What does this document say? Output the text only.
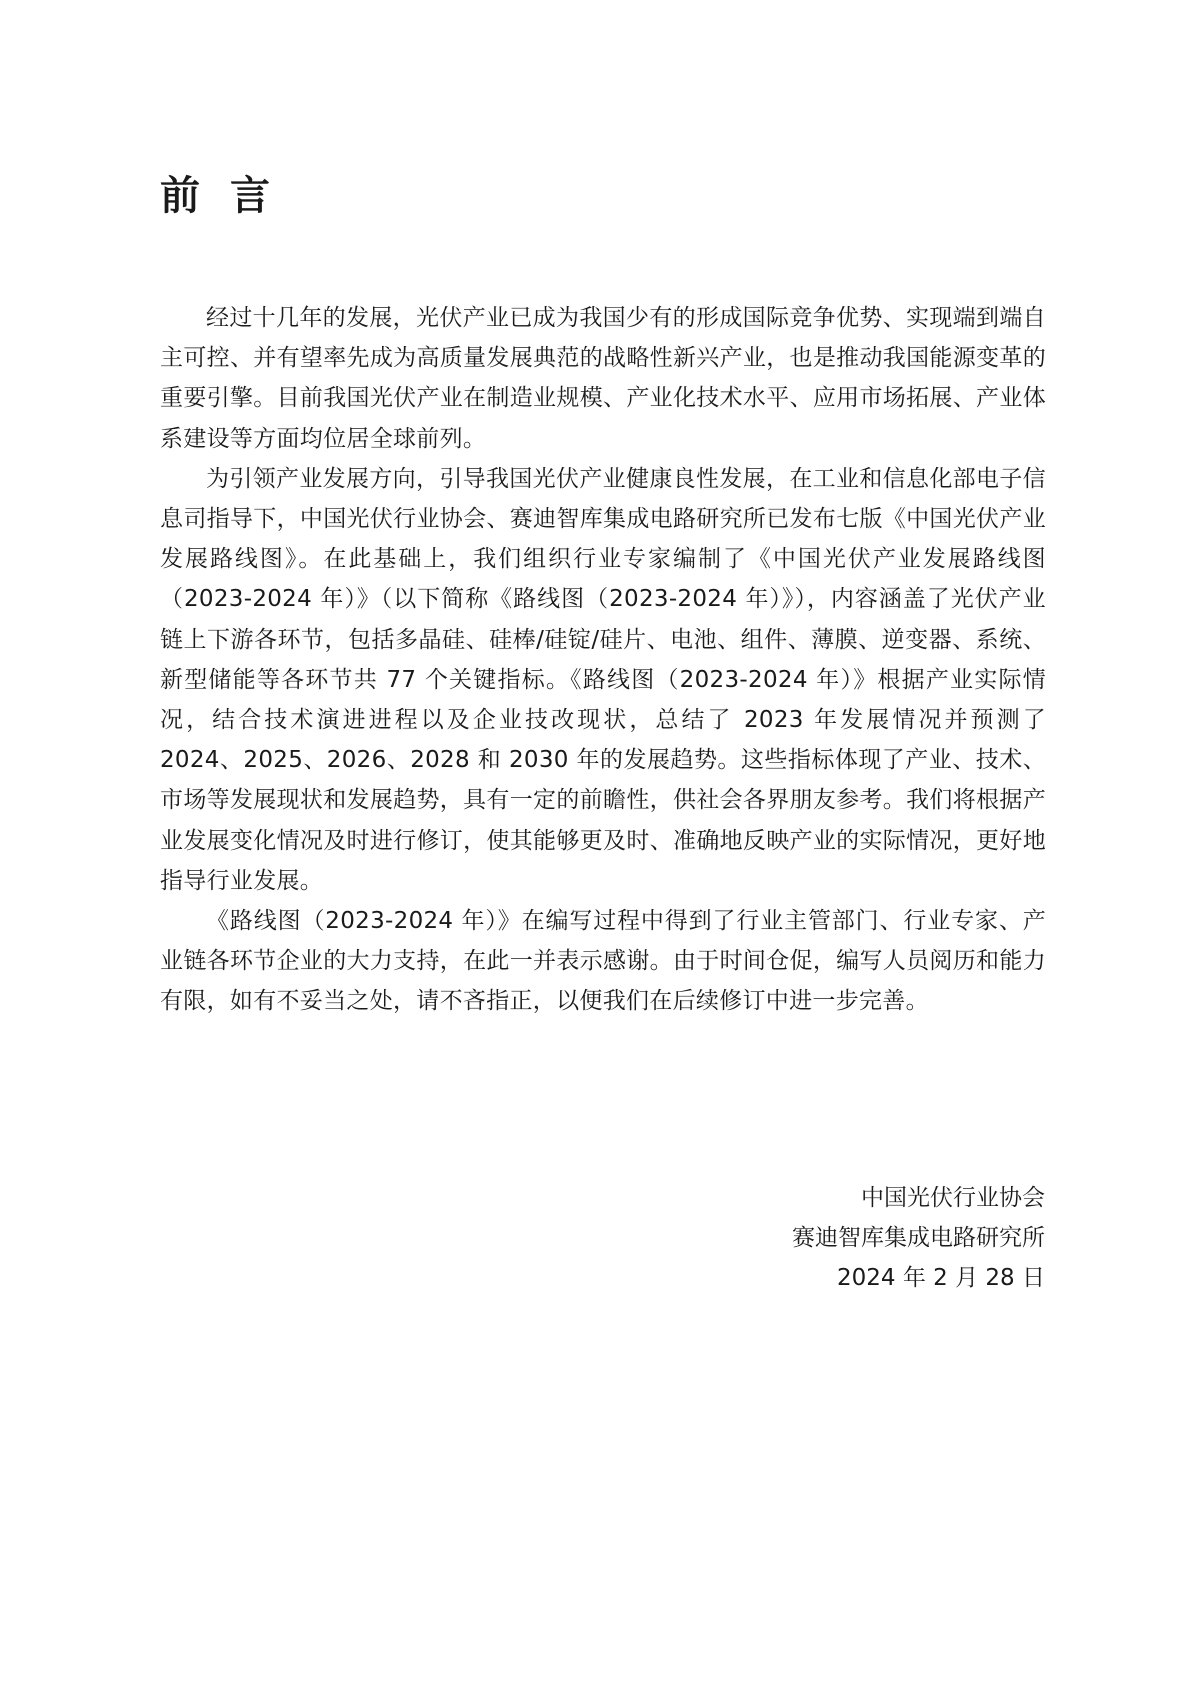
前言

经过十几年的发展，光伏产业已成为我国少有的形成国际竞争优势、实现端到端自主可控、并有望率先成为高质量发展典范的战略性新兴产业，也是推动我国能源变革的重要引擎。目前我国光伏产业在制造业规模、产业化技术水平、应用市场拓展、产业体系建设等方面均位居全球前列。

为引领产业发展方向，引导我国光伏产业健康良性发展，在工业和信息化部电子信息司指导下，中国光伏行业协会、赛迪智库集成电路研究所已发布七版《中国光伏产业发展路线图》。在此基础上，我们组织行业专家编制了《中国光伏产业发展路线图（2023-2024 年）》（以下简称《路线图（2023-2024 年）》），内容涵盖了光伏产业链上下游各环节，包括多晶硅、硅棒/硅锭/硅片、电池、组件、薄膜、逆变器、系统、新型储能等各环节共 77 个关键指标。《路线图（2023-2024 年）》根据产业实际情况，结合技术演进进程以及企业技改现状，总结了 2023 年发展情况并预测了 2024、2025、2026、2028 和 2030 年的发展趋势。这些指标体现了产业、技术、市场等发展现状和发展趋势，具有一定的前瞻性，供社会各界朋友参考。我们将根据产业发展变化情况及时进行修订，使其能够更及时、准确地反映产业的实际情况，更好地指导行业发展。

《路线图（2023-2024 年）》在编写过程中得到了行业主管部门、行业专家、产业链各环节企业的大力支持，在此一并表示感谢。由于时间仓促，编写人员阅历和能力有限，如有不妥当之处，请不吝指正，以便我们在后续修订中进一步完善。

中国光伏行业协会
赛迪智库集成电路研究所
2024 年 2 月 28 日
